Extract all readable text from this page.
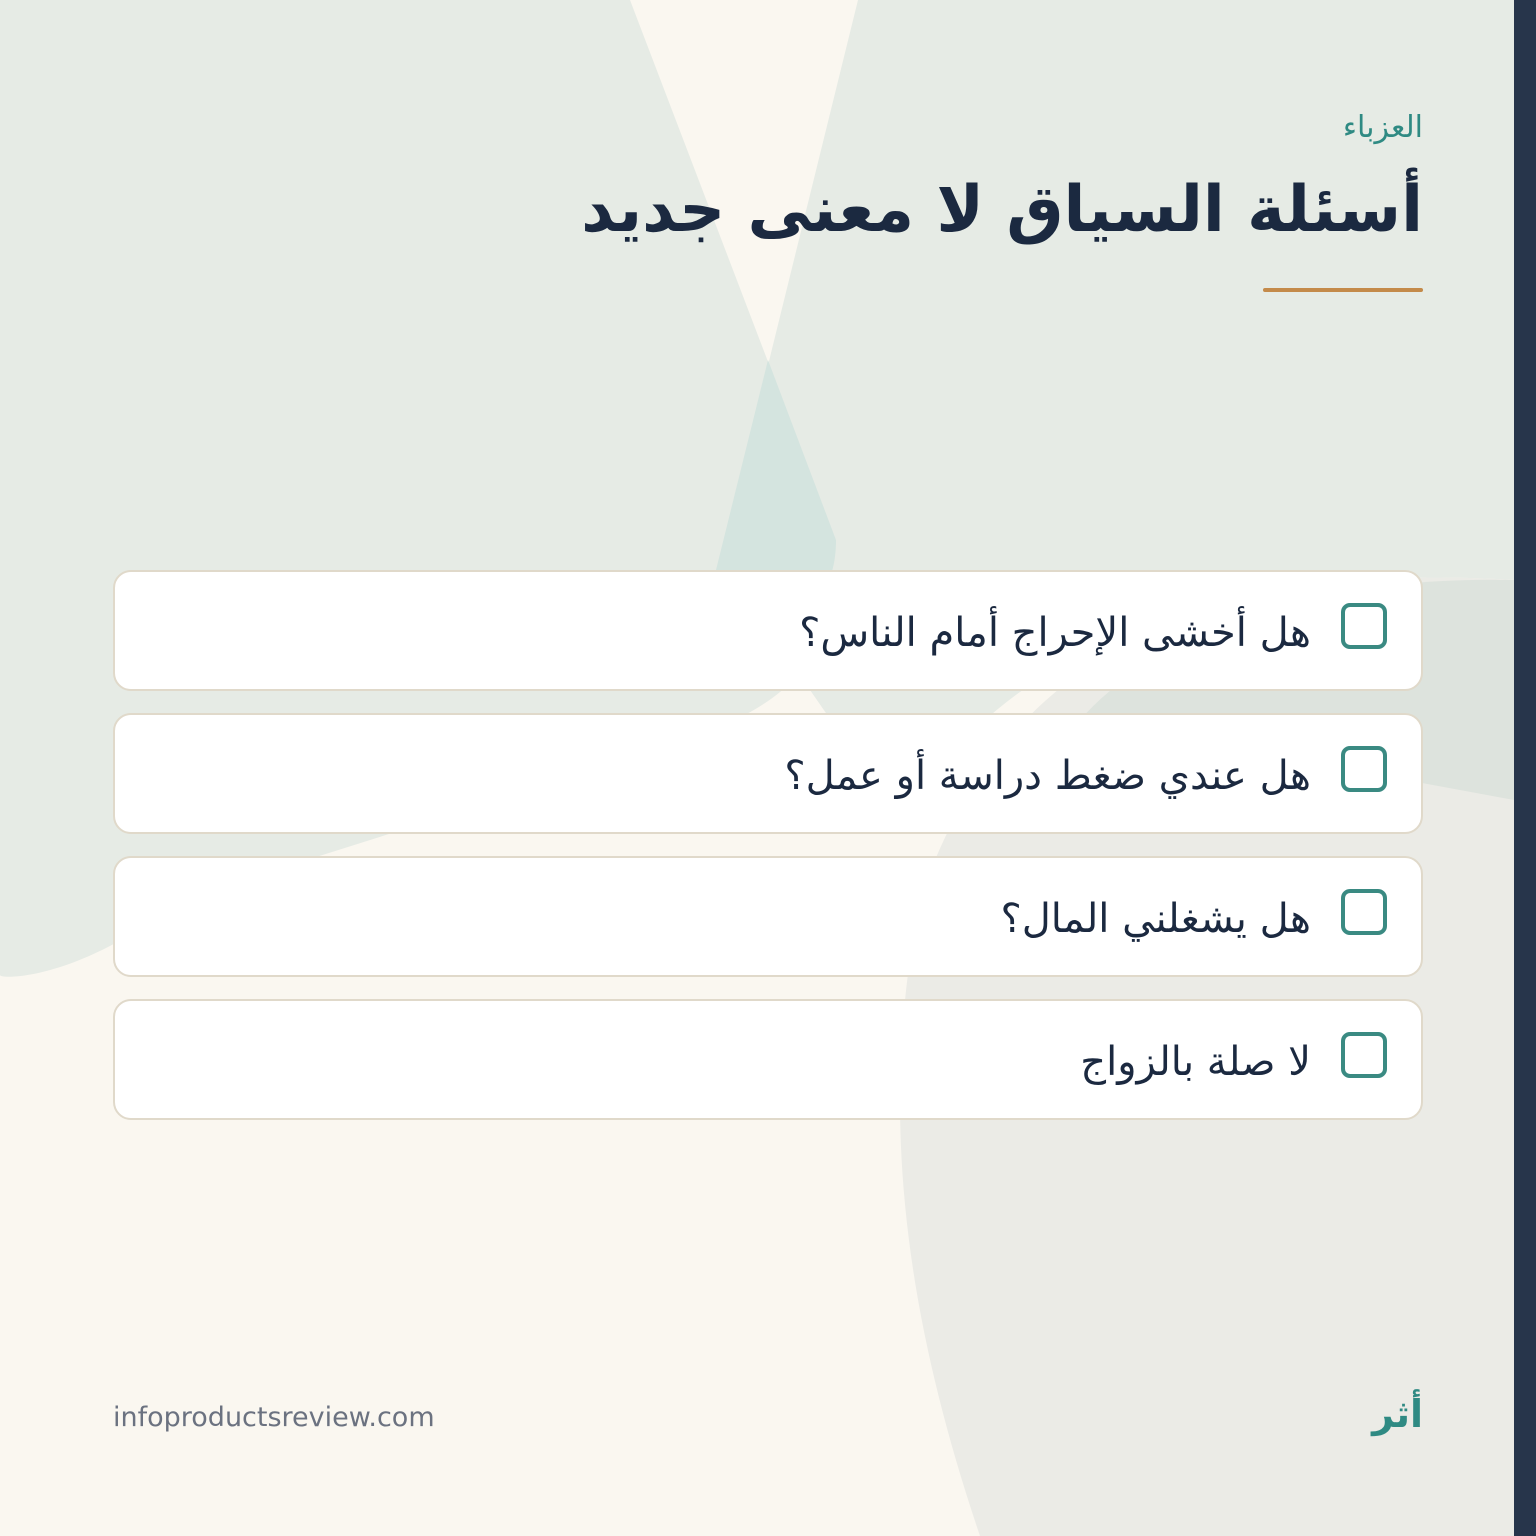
العزباء
أسئلة السياق لا معنى جديد
هل أخشى الإحراج أمام الناس؟
هل عندي ضغط دراسة أو عمل؟
هل يشغلني المال؟
لا صلة بالزواج
infoproductsreview.com	أثر
